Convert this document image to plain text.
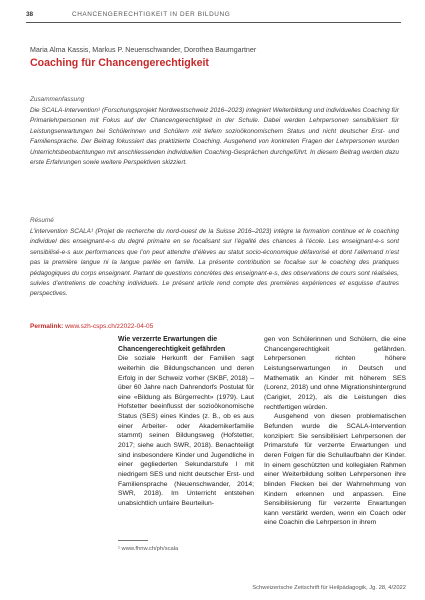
38	CHANCENGERECHTIGKEIT IN DER BILDUNG
Maria Alma Kassis, Markus P. Neuenschwander, Dorothea Baumgartner
Coaching für Chancengerechtigkeit
Zusammenfassung

Die SCALA-Intervention¹ (Forschungsprojekt Nordwestschweiz 2016–2023) integriert Weiterbildung und individuelles Coaching für Primarlehrpersonen mit Fokus auf der Chancengerechtigkeit in der Schule. Dabei werden Lehrpersonen sensibilisiert für Leistungserwartungen bei Schülerinnen und Schülern mit tiefem sozioökonomischem Status und nicht deutscher Erst- und Familiensprache. Der Beitrag fokussiert das praktizierte Coaching. Ausgehend von konkreten Fragen der Lehrpersonen wurden Unterrichtsbeobachtungen mit anschliessenden individuellen Coaching-Gesprächen durchgeführt. In diesem Beitrag werden dazu erste Erfahrungen sowie weitere Perspektiven skizziert.

Résumé

L’intervention SCALA¹ (Projet de recherche du nord-ouest de la Suisse 2016–2023) intègre la formation continue et le coaching individuel des enseignant-e-s du degré primaire en se focalisant sur l’égalité des chances à l’école. Les enseignant-e-s sont sensibilisé-e-s aux performances que l’on peut attendre d’élèves au statut socio-économique défavorisé et dont l’allemand n’est pas la première langue ni la langue parlée en famille. La présente contribution se focalise sur le coaching des pratiques pédagogiques du corps enseignant. Partant de questions concrètes des enseignant-e-s, des observations de cours sont réalisées, suivies d’entretiens de coaching individuels. Le présent article rend compte des premières expériences et esquisse d’autres perspectives.

Permalink: www.szh-csps.ch/z2022-04-05
Wie verzerrte Erwartungen die Chancengerechtigkeit gefährden

Die soziale Herkunft der Familien sagt weiterhin die Bildungschancen und deren Erfolg in der Schweiz vorher (SKBF, 2018) – über 60 Jahre nach Dahrendorfs Postulat für eine «Bildung als Bürgerrecht» (1979). Laut Hofstetter beeinflusst der sozioökonomische Status (SES) eines Kindes (z. B., ob es aus einer Arbeiter- oder Akademikerfamilie stammt) seinen Bildungsweg (Hofstetter, 2017; siehe auch SWR, 2018). Benachteiligt sind insbesondere Kinder und Jugendliche in einer gegliederten Sekundarstufe I mit niedrigem SES und nicht deutscher Erst- und Familiensprache (Neuenschwander, 2014; SWR, 2018). Im Unterricht entstehen unabsichtlich unfaire Beurteilun-

gen von Schülerinnen und Schülern, die eine Chancengerechtigkeit gefährden. Lehrpersonen richten höhere Leistungserwartungen in Deutsch und Mathematik an Kinder mit höherem SES (Lorenz, 2018) und ohne Migrationshintergrund (Carigiet, 2012), als die Leistungen dies rechtfertigen würden.

Ausgehend von diesen problematischen Befunden wurde die SCALA-Intervention konzipiert: Sie sensibilisiert Lehrpersonen der Primarstufe für verzerrte Erwartungen und deren Folgen für die Schullaufbahn der Kinder. In einem geschützten und kollegialen Rahmen einer Weiterbildung sollten Lehrpersonen ihre blinden Flecken bei der Wahrnehmung von Kindern erkennen und anpassen. Eine Sensibilisierung für verzerrte Erwartungen kann verstärkt werden, wenn ein Coach oder eine Coachin die Lehrperson in ihrem

¹ www.fhnw.ch/ph/scala
Schweizerische Zeitschrift für Heilpädagogik, Jg. 28, 4/2022
